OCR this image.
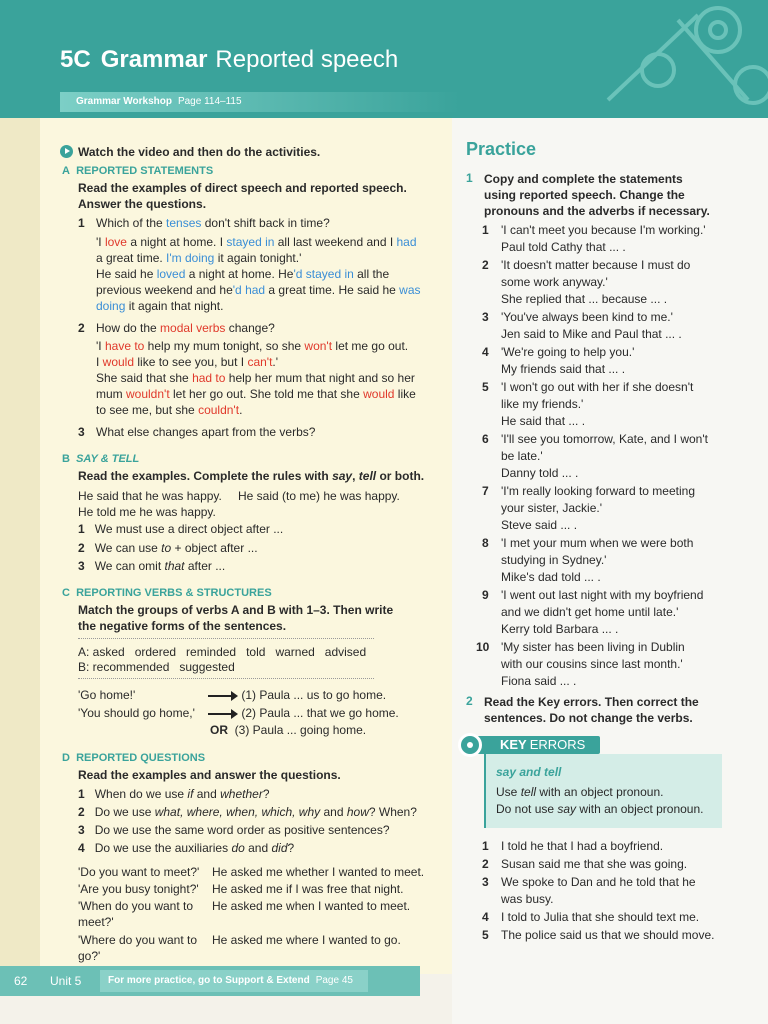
5C Grammar Reported speech
Grammar Workshop Page 114–115
Watch the video and then do the activities.
A REPORTED STATEMENTS
Read the examples of direct speech and reported speech.
Answer the questions.
1 Which of the tenses don't shift back in time?
'I love a night at home. I stayed in all last weekend and I had
a great time. I'm doing it again tonight.'
He said he loved a night at home. He'd stayed in all the
previous weekend and he'd had a great time. He said he was
doing it again that night.
2 How do the modal verbs change?
'I have to help my mum tonight, so she won't let me go out.
I would like to see you, but I can't.'
She said that she had to help her mum that night and so her
mum wouldn't let her go out. She told me that she would like
to see me, but she couldn't.
3 What else changes apart from the verbs?
B SAY & TELL
Read the examples. Complete the rules with say, tell or both.
He said that he was happy. He said (to me) he was happy.
He told me he was happy.
1 We must use a direct object after ...
2   We can use to + object after ...
3   We can omit that after ...
C REPORTING VERBS & STRUCTURES
Match the groups of verbs A and B with 1–3. Then write
the negative forms of the sentences.
A: asked   ordered   reminded   told   warned   advised
B: recommended   suggested
'Go home!'	(1) Paula ... us to go home.
'You should go home,'	(2) Paula ... that we go home.
OR (3) Paula ... going home.
D REPORTED QUESTIONS
Read the examples and answer the questions.
1   When do we use if and whether?
2   Do we use what, where, when, which, why and how? When?
3 Do we use the same word order as positive sentences?
4   Do we use the auxiliaries do and did?
'Do you want to meet?' He asked me whether I wanted to meet.
'Are you busy tonight?' He asked me if I was free that night.
'When do you want to He asked me when I wanted to meet.
meet?'
'Where do you want to He asked me where I wanted to go.
go?'
Practice
1 Copy and complete the statements
using reported speech. Change the
pronouns and the adverbs if necessary.
1 'I can't meet you because I'm working.'
Paul told Cathy that ... .
2 'It doesn't matter because I must do
some work anyway.'
She replied that ... because ... .
3 'You've always been kind to me.'
Jen said to Mike and Paul that ... .
4 'We're going to help you.'
My friends said that ... .
5 'I won't go out with her if she doesn't
like my friends.'
He said that ... .
6 'I'll see you tomorrow, Kate, and I won't
be late.'
Danny told ... .
7 'I'm really looking forward to meeting
your sister, Jackie.'
Steve said ... .
8 'I met your mum when we were both
studying in Sydney.'
Mike's dad told ... .
9 'I went out last night with my boyfriend
and we didn't get home until late.'
Kerry told Barbara ... .
10 'My sister has been living in Dublin
with our cousins since last month.'
Fiona said ... .
2 Read the Key errors. Then correct the
sentences. Do not change the verbs.
KEY ERRORS
say and tell
Use tell with an object pronoun.
Do not use say with an object pronoun.
1 I told he that I had a boyfriend.
2 Susan said me that she was going.
3 We spoke to Dan and he told that he
was busy.
4 I told to Julia that she should text me.
5 The police said us that we should move.
62 Unit 5	For more practice, go to Support & Extend Page 45
